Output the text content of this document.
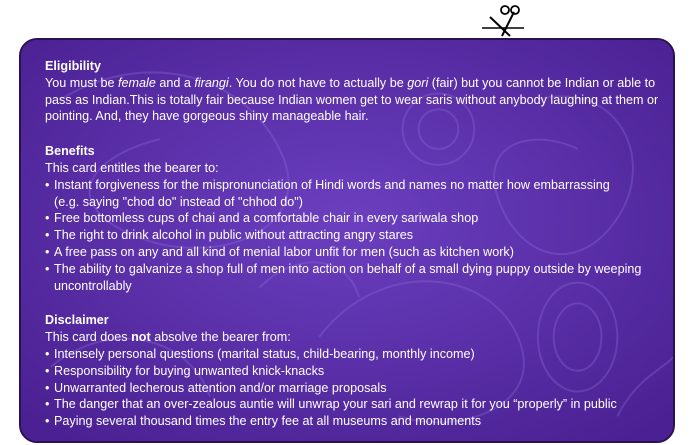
Eligibility

You must be female and a firangi. You do not have to actually be gori (fair) but you cannot be Indian or able to pass as Indian.This is totally fair because Indian women get to wear saris without anybody laughing at them or pointing. And, they have gorgeous shiny manageable hair.

Benefits

This card entitles the bearer to:

• Instant forgiveness for the mispronunciation of Hindi words and names no matter how embarrassing
(e.g. saying "chod do" instead of "chhod do")
• Free bottomless cups of chai and a comfortable chair in every sariwala shop
• The right to drink alcohol in public without attracting angry stares
• A free pass on any and all kind of menial labor unfit for men (such as kitchen work)
• The ability to galvanize a shop full of men into action on behalf of a small dying puppy outside by weeping uncontrollably

Disclaimer

This card does not absolve the bearer from:

• Intensely personal questions (marital status, child-bearing, monthly income)
• Responsibility for buying unwanted knick-knacks
• Unwarranted lecherous attention and/or marriage proposals
• The danger that an over-zealous auntie will unwrap your sari and rewrap it for you “properly” in public
• Paying several thousand times the entry fee at all museums and monuments
